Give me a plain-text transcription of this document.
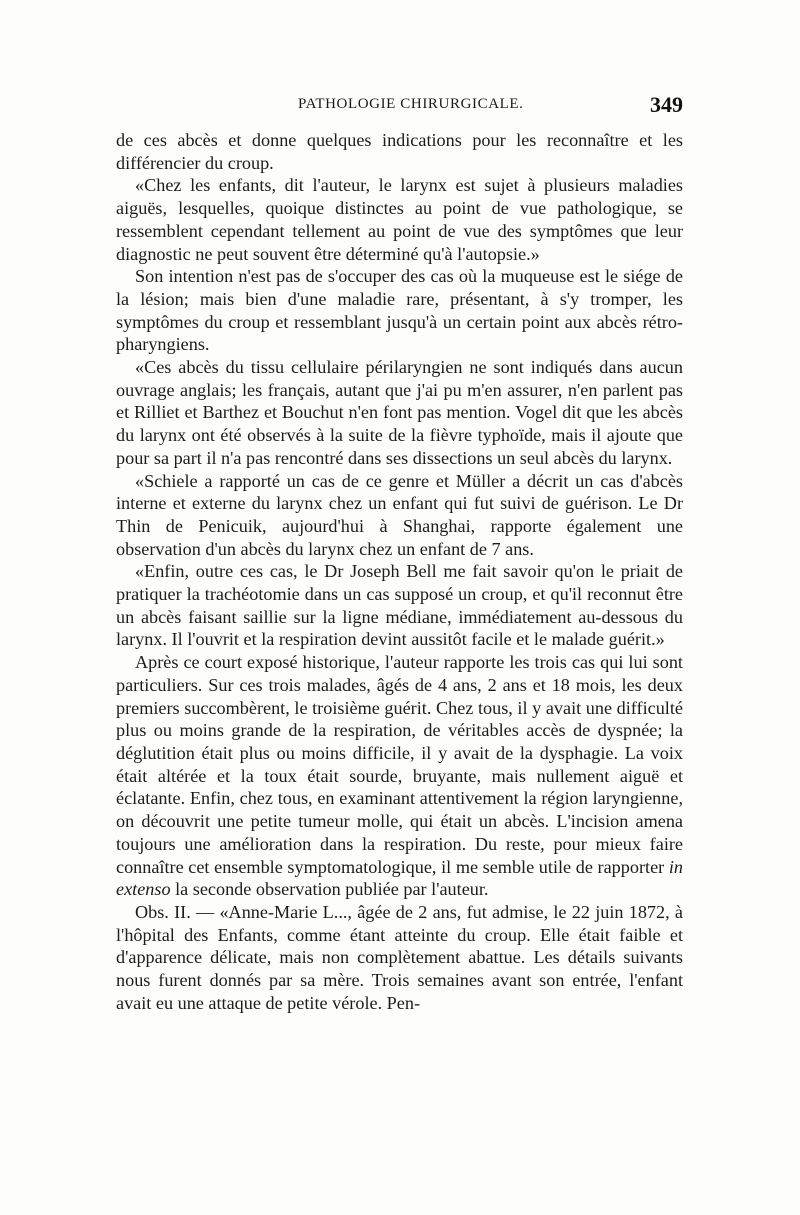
PATHOLOGIE CHIRURGICALE.	349

de ces abcès et donne quelques indications pour les reconnaître et les différencier du croup.

«Chez les enfants, dit l'auteur, le larynx est sujet à plusieurs maladies aiguës, lesquelles, quoique distinctes au point de vue pathologique, se ressemblent cependant tellement au point de vue des symptômes que leur diagnostic ne peut souvent être déterminé qu'à l'autopsie.»

Son intention n'est pas de s'occuper des cas où la muqueuse est le siége de la lésion; mais bien d'une maladie rare, présentant, à s'y tromper, les symptômes du croup et ressemblant jusqu'à un certain point aux abcès rétro-pharyngiens.

«Ces abcès du tissu cellulaire périlaryngien ne sont indiqués dans aucun ouvrage anglais; les français, autant que j'ai pu m'en assurer, n'en parlent pas et Rilliet et Barthez et Bouchut n'en font pas mention. Vogel dit que les abcès du larynx ont été observés à la suite de la fièvre typhoïde, mais il ajoute que pour sa part il n'a pas rencontré dans ses dissections un seul abcès du larynx.

«Schiele a rapporté un cas de ce genre et Müller a décrit un cas d'abcès interne et externe du larynx chez un enfant qui fut suivi de guérison. Le Dr Thin de Penicuik, aujourd'hui à Shanghai, rapporte également une observation d'un abcès du larynx chez un enfant de 7 ans.

«Enfin, outre ces cas, le Dr Joseph Bell me fait savoir qu'on le priait de pratiquer la trachéotomie dans un cas supposé un croup, et qu'il reconnut être un abcès faisant saillie sur la ligne médiane, immédiatement au-dessous du larynx. Il l'ouvrit et la respiration devint aussitôt facile et le malade guérit.»

Après ce court exposé historique, l'auteur rapporte les trois cas qui lui sont particuliers. Sur ces trois malades, âgés de 4 ans, 2 ans et 18 mois, les deux premiers succombèrent, le troisième guérit. Chez tous, il y avait une difficulté plus ou moins grande de la respiration, de véritables accès de dyspnée; la déglutition était plus ou moins difficile, il y avait de la dysphagie. La voix était altérée et la toux était sourde, bruyante, mais nullement aiguë et éclatante. Enfin, chez tous, en examinant attentivement la région laryngienne, on découvrit une petite tumeur molle, qui était un abcès. L'incision amena toujours une amélioration dans la respiration. Du reste, pour mieux faire connaître cet ensemble symptomatologique, il me semble utile de rapporter in extenso la seconde observation publiée par l'auteur.

Obs. II. — «Anne-Marie L..., âgée de 2 ans, fut admise, le 22 juin 1872, à l'hôpital des Enfants, comme étant atteinte du croup. Elle était faible et d'apparence délicate, mais non complètement abattue. Les détails suivants nous furent donnés par sa mère. Trois semaines avant son entrée, l'enfant avait eu une attaque de petite vérole. Pen-
